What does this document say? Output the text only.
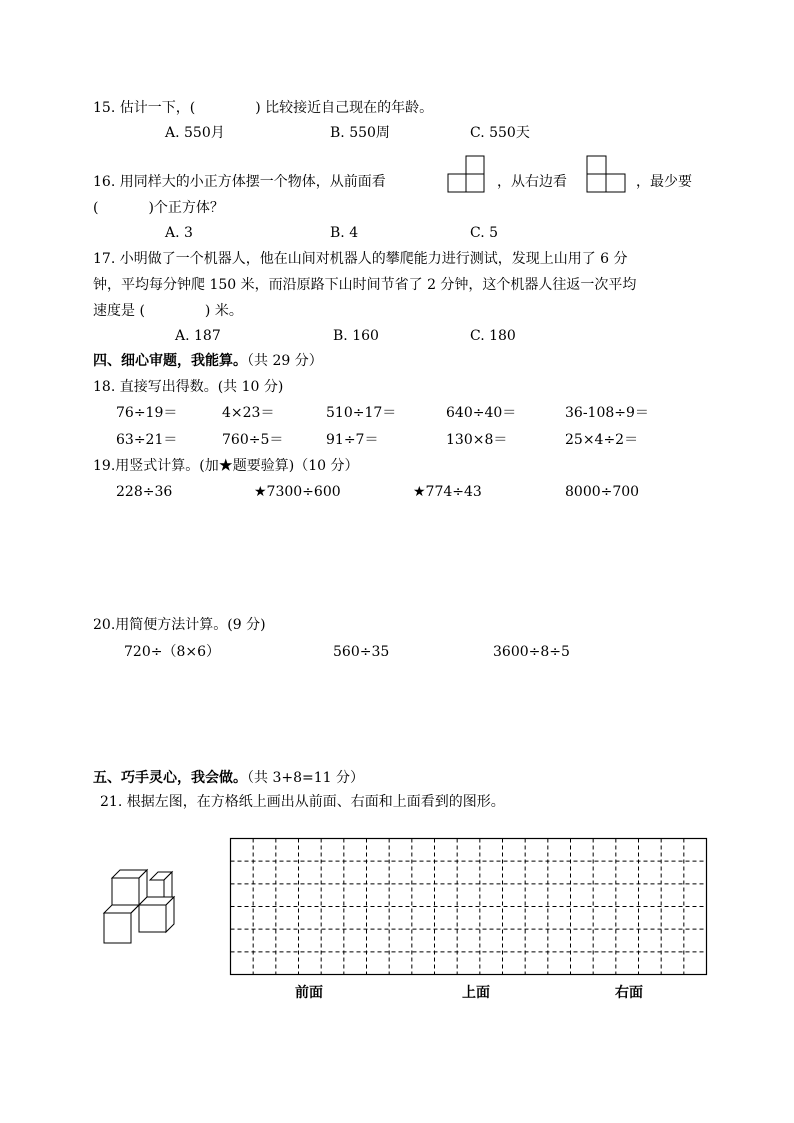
15. 估计一下，(	) 比较接近自己现在的年龄。
A. 550月	B. 550周	C. 550天
16. 用同样大的小正方体摆一个物体，从前面看	，从右边看	，最少要
(	)个正方体？
A. 3	B. 4	C. 5
17. 小明做了一个机器人，他在山间对机器人的攀爬能力进行测试，发现上山用了 6 分
钟，平均每分钟爬 150 米，而沿原路下山时间节省了 2 分钟，这个机器人往返一次平均
速度是 (	) 米。
A. 187	B. 160	C. 180
四、细心审题，我能算。（共 29 分）
18. 直接写出得数。(共 10 分)
76÷19＝	4×23＝	510÷17＝	640÷40＝	36-108÷9＝
63÷21＝	760÷5＝	91÷7＝	130×8＝	25×4÷2＝
19.用竖式计算。(加★题要验算)（10 分）
228÷36	★7300÷600	★774÷43	8000÷700
20.用简便方法计算。(9 分)
720÷（8×6）	560÷35	3600÷8÷5
五、巧手灵心，我会做。（共 3+8=11 分）
21. 根据左图，在方格纸上画出从前面、右面和上面看到的图形。
前面	上面	右面
